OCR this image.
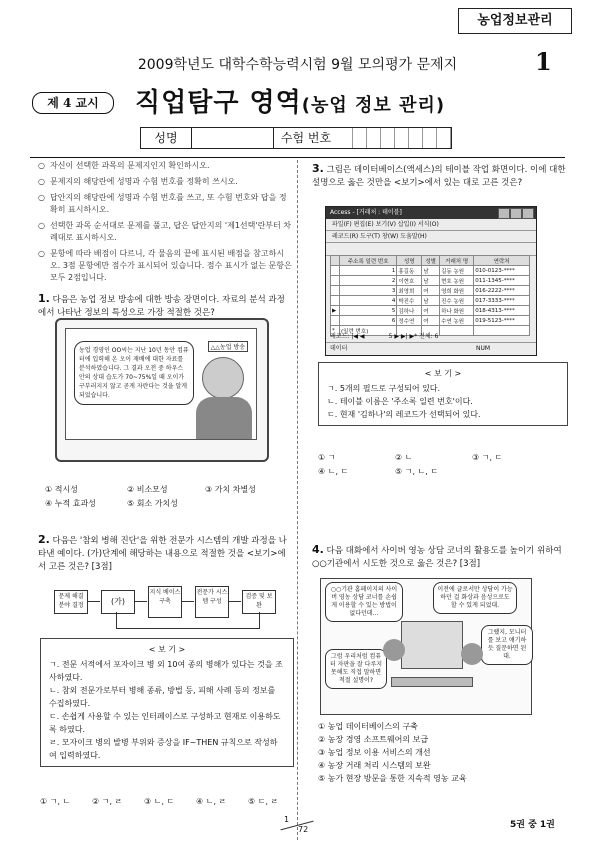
농업정보관리
2009학년도 대학수학능력시험 9월 모의평가 문제지	1
제 4 교시	직업탐구 영역(농업 정보 관리)
성명	수험 번호
○ 자신이 선택한 과목의 문제지인지 확인하시오.
○ 문제지의 해당란에 성명과 수험 번호를 정확히 쓰시오.
○ 답안지의 해당란에 성명과 수험 번호를 쓰고, 또 수험 번호와 답을 정확히 표시하시오.
○ 선택한 과목 순서대로 문제를 풀고, 답은 답안지의 '제1선택'란부터 차례대로 표시하시오.
○ 문항에 따라 배점이 다르니, 각 물음의 끝에 표시된 배점을 참고하시오. 3점 문항에만 점수가 표시되어 있습니다. 점수 표시가 없는 문항은 모두 2점입니다.
1. 다음은 농업 정보 방송에 대한 방송 장면이다. 자료의 분석 과정에서 나타난 정보의 특성으로 가장 적절한 것은?
농업 경영인 OO씨는 지난 10년 동안 컴퓨터에 입력해 온 오이 재배에 대한 자료를 분석하였습니다. 그 결과 오전 중 하우스 안의 상대 습도가 70~75%일 때 오이가 구부러지지 않고 곧게 자란다는 것을 알게 되었습니다.
△△농업 방송
① 적시성	② 비소모성	③ 가치 차별성
④ 누적 효과성	⑤ 회소 가치성
2. 다음은 '참외 병해 진단'을 위한 전문가 시스템의 개발 과정을 나타낸 예이다. (가)단계에 해당하는 내용으로 적절한 것을 <보기>에서 고른 것은? [3점]
문제 해결 분야 결정	(가)
지식 베이스 구축
전문가 시스템 구성
검증 및 보완
< 보 기 >
ㄱ. 전문 서적에서 포자이크 병 외 10여 종의 병해가 있다는 것을 조사하였다.
ㄴ. 참외 전문가로부터 병해 종류, 방법 등, 피해 사례 등의 정보를 수집하였다.
ㄷ. 손쉽게 사용할 수 있는 인터페이스로 구성하고 현재로 이용하도록 하였다.
ㄹ. 모자이크 병의 발병 부위와 증상을 IF~THEN 규칙으로 작성하여 입력하였다.
① ㄱ, ㄴ	② ㄱ, ㄹ	③ ㄴ, ㄷ	④ ㄴ, ㄹ	⑤ ㄷ, ㄹ
3. 그림은 데이터베이스(액세스)의 테이블 작업 화면이다. 이에 대한 설명으로 옳은 것만을 <보기>에서 있는 대로 고른 것은?
Access - [거래처 : 테이블]
파일(F) 편집(E) 보기(V) 삽입(I) 서식(O)
레코드(R) 도구(T) 창(W) 도움말(H)
	주소록 일련 번호	성명	성별	거래처 명	연락처
	1	홍길동	남	길동 농원	010-0123-****
	2	이현호	남	현호 농원	011-1345-****
	3	최영희	여	영희 화원	016-2222-****
	4	박진수	남	진수 농원	017-3333-****
▶	5	김하나	여	하나 화원	018-4313-****
	6	정수연	여	수연 농원	019-5123-****
*	(일련 번호)				
레코드: |◀ ◀	5 ▶ ▶| ▶* 전체: 6
데이터	NUM
< 보 기 >
ㄱ. 5개의 필드로 구성되어 있다.
ㄴ. 테이블 이름은 '주소록 일련 번호'이다.
ㄷ. 현재 '김하나'의 레코드가 선택되어 있다.
① ㄱ	② ㄴ	③ ㄱ, ㄷ
④ ㄴ, ㄷ	⑤ ㄱ, ㄴ, ㄷ
4. 다음 대화에서 사이버 영농 상담 코너의 활용도를 높이기 위하여 ○○기관에서 시도한 것으로 옳은 것은? [3점]
○○기관 홈페이지의 사이버 영농 상담 코너를 손쉽게 이용할 수 있는 방법이 없다던데…
이전에 글로서만 상담이 가능하던 걸 화상과 음성으로도 할 수 있게 되었대.
그랬지, 모니터를 보고 얘기하듯 질문하면 된대.
그럼 우리처럼 컴퓨터 자판을 잘 다루지 못해도 직접 말하면 적절 설명이?
① 농업 데이터베이스의 구축
② 농장 경영 소프트웨어의 보급
③ 농업 정보 이용 서비스의 개선
④ 농장 거래 처리 시스템의 보완
⑤ 농가 현장 방문을 통한 지속적 영농 교육
1
72	5권 중 1권
